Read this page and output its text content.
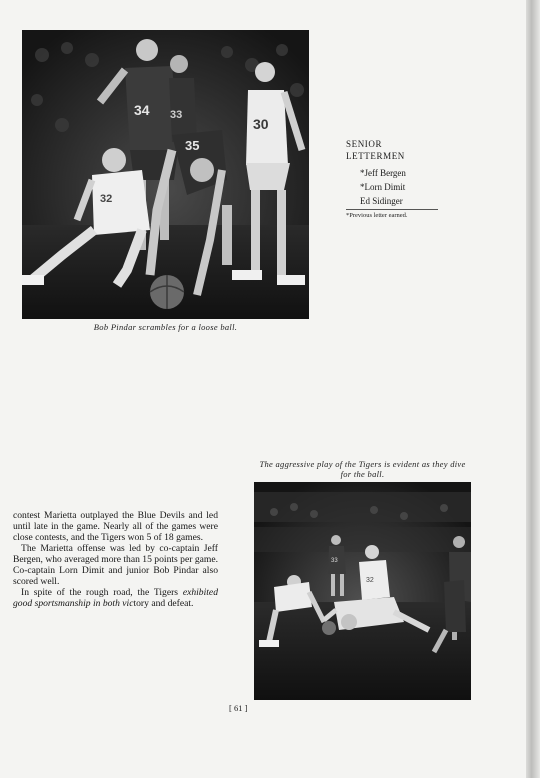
34 33
30
35
32
Bob Pindar scrambles for a loose ball.
SENIOR
LETTERMEN
*Jeff Bergen
*Lorn Dimit
Ed Sidinger
*Previous letter earned.
The aggressive play of the Tigers is evident as they dive for the ball.
33
32

contest Marietta outplayed the Blue Devils and led until late in the game. Nearly all of the games were close contests, and the Tigers won 5 of 18 games.

The Marietta offense was led by co-captain Jeff Bergen, who averaged more than 15 points per game. Co-captain Lorn Dimit and junior Bob Pindar also scored well.

In spite of the rough road, the Tigers exhibited good sportsmanship in both victory and defeat.

[ 61 ]
